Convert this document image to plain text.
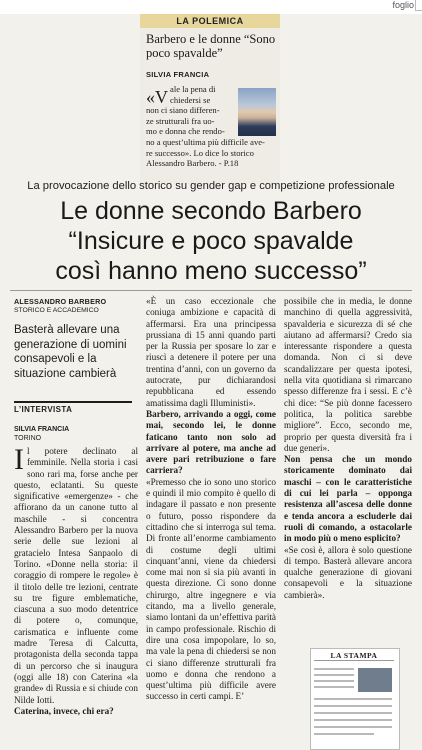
foglio
LA POLEMICA
Barbero e le donne “Sono poco spavalde”
SILVIA FRANCIA
«V ale la pena di
chiedersi se
non ci siano differen-
ze strutturali fra uo-
mo e donna che rendo-
no a quest’ultima più difficile ave-
re successo». Lo dice lo storico
Alessandro Barbero. - P.18
La provocazione dello storico su gender gap e competizione professionale
Le donne secondo Barbero
“Insicure e poco spavalde
così hanno meno successo”
ALESSANDRO BARBERO
STORICO E ACCADEMICO
Basterà allevare una generazione di uomini consapevoli e la situazione cambierà
L’INTERVISTA
SILVIA FRANCIA
TORINO

Il potere declinato al femminile. Nella storia i casi sono rari ma, forse anche per questo, eclatanti. Su queste significative «emergenze» - che affiorano da un canone tutto al maschile - si concentra Alessandro Barbero per la nuova serie delle sue lezioni al gratacielo Intesa Sanpaolo di Torino. «Donne nella storia: il coraggio di rompere le regole» è il titolo delle tre lezioni, centrate su tre figure emblematiche, ciascuna a suo modo detentrice di potere o, comunque, carismatica e influente come madre Teresa di Calcutta, protagonista della seconda tappa di un percorso che si inaugura (oggi alle 18) con Caterina «la grande» di Russia e si chiude con Nilde Iotti.

Caterina, invece, chi era?

«È un caso eccezionale che coniuga ambizione e capacità di affermarsi. Era una principessa prussiana di 15 anni quando parti per la Russia per sposare lo zar e riuscì a detenere il potere per una trentina d’anni, con un governo da autocrate, pur dichiarandosi repubblicana ed essendo amatissima dagli Illuministi».

Barbero, arrivando a oggi, come mai, secondo lei, le donne faticano tanto non solo ad arrivare al potere, ma anche ad avere pari retribuzione o fare carriera?

«Premesso che io sono uno storico e quindi il mio compito è quello di indagare il passato e non presente o futuro, posso rispondere da cittadino che si interroga sul tema. Di fronte all’enorme cambiamento di costume degli ultimi cinquant’anni, viene da chiedersi come mai non si sia più avanti in questa direzione. Ci sono donne chirurgo, altre ingegnere e via citando, ma a livello generale, siamo lontani da un’effettiva parità in campo professionale. Rischio di dire una cosa impopolare, lo so, ma vale la pena di chiedersi se non ci siano differenze strutturali fra uomo e donna che rendono a quest’ultima più difficile avere successo in certi campi. E’

possibile che in media, le donne manchino di quella aggressività, spavalderia e sicurezza di sé che aiutano ad affermarsi? Credo sia interessante rispondere a questa domanda. Non ci si deve scandalizzare per questa ipotesi, nella vita quotidiana si rimarcano spesso differenze fra i sessi. E c’è chi dice: “Se più donne facessero politica, la politica sarebbe migliore”. Ecco, secondo me, proprio per questa diversità fra i due generi».

Non pensa che un mondo storicamente dominato dai maschi – con le caratteristiche di cui lei parla – opponga resistenza all’ascesa delle donne e tenda ancora a escluderle dai ruoli di comando, a ostacolarle in modo più o meno esplicito?

«Se così è, allora è solo questione di tempo. Basterà allevare ancora qualche generazione di giovani consapevoli e la situazione cambierà».

LA STAMPA
